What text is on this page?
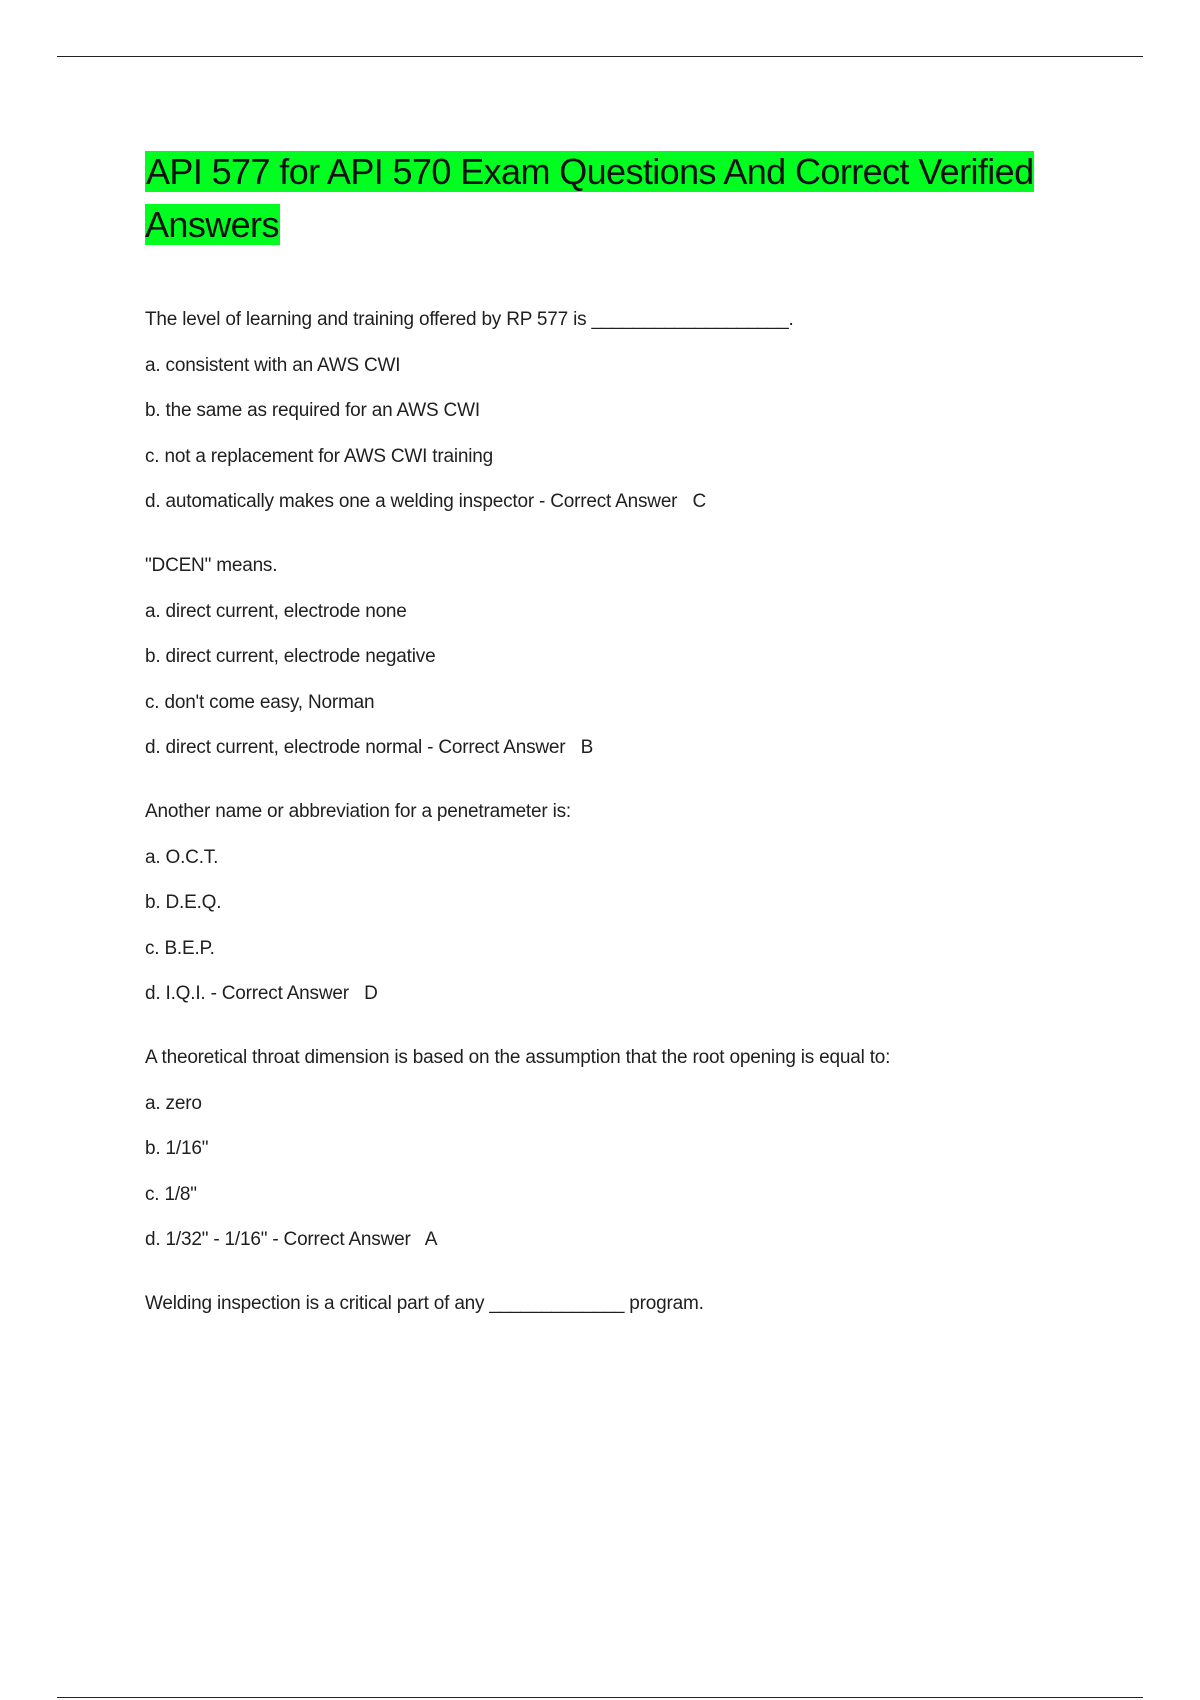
API 577 for API 570 Exam Questions And Correct Verified Answers

The level of learning and training offered by RP 577 is ___________________.

a. consistent with an AWS CWI

b. the same as required for an AWS CWI

c. not a replacement for AWS CWI training

d. automatically makes one a welding inspector - Correct Answer   C

"DCEN" means.

a. direct current, electrode none

b. direct current, electrode negative

c. don't come easy, Norman

d. direct current, electrode normal - Correct Answer   B

Another name or abbreviation for a penetrameter is:

a. O.C.T.

b. D.E.Q.

c. B.E.P.

d. I.Q.I. - Correct Answer   D

A theoretical throat dimension is based on the assumption that the root opening is equal to:

a. zero

b. 1/16"

c. 1/8"

d. 1/32" - 1/16" - Correct Answer   A

Welding inspection is a critical part of any _____________ program.
